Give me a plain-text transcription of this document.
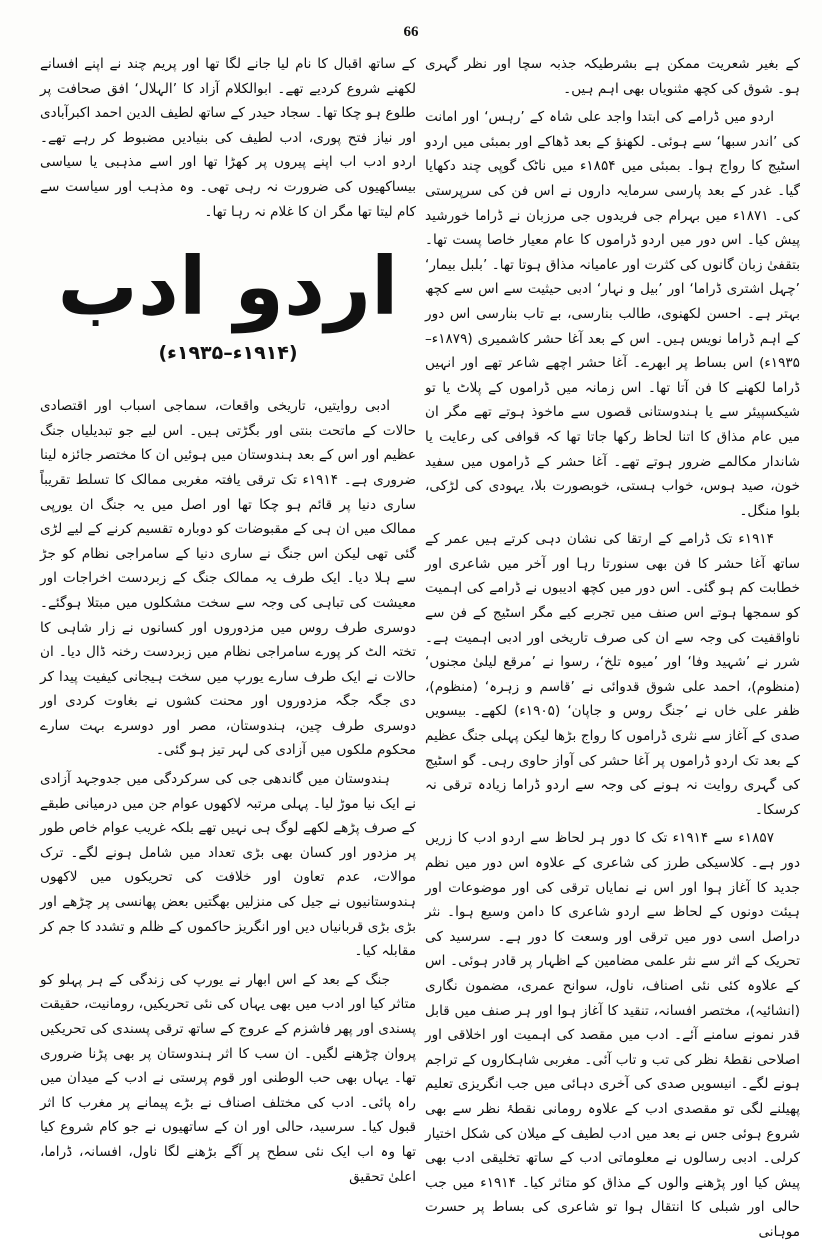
66

کے بغیر شعریت ممکن ہے بشرطیکہ جذبہ سچا اور نظر گہری ہو۔ شوق کی کچھ مثنویاں بھی اہم ہیں۔

اردو میں ڈرامے کی ابتدا واجد علی شاہ کے ’رہس‘ اور امانت کی ’اندر سبھا‘ سے ہوئی۔ لکھنؤ کے بعد ڈھاکے اور بمبئی میں اردو اسٹیج کا رواج ہوا۔ بمبئی میں ۱۸۵۴ء میں ناٹک گوپی چند دکھایا گیا۔ غدر کے بعد پارسی سرمایہ داروں نے اس فن کی سرپرستی کی۔ ۱۸۷۱ء میں بہرام جی فریدوں جی مرزبان نے ڈراما خورشید پیش کیا۔ اس دور میں اردو ڈراموں کا عام معیار خاصا پست تھا۔ بتقفیٰ زبان گانوں کی کثرت اور عامیانہ مذاق ہوتا تھا۔ ’بلبل بیمار‘ ’چہل اشتری ڈراما‘ اور ’بیل و نہار‘ ادبی حیثیت سے اس سے کچھ بہتر ہے۔ احسن لکھنوی، طالب بنارسی، بے تاب بنارسی اس دور کے اہم ڈراما نویس ہیں۔ اس کے بعد آغا حشر کاشمیری (۱۸۷۹ء–۱۹۳۵ء) اس بساط پر ابھرے۔ آغا حشر اچھے شاعر تھے اور انہیں ڈراما لکھنے کا فن آتا تھا۔ اس زمانہ میں ڈراموں کے پلاٹ یا تو شیکسپیئر سے یا ہندوستانی قصوں سے ماخوذ ہوتے تھے مگر ان میں عام مذاق کا اتنا لحاظ رکھا جاتا تھا کہ قوافی کی رعایت یا شاندار مکالمے ضرور ہوتے تھے۔ آغا حشر کے ڈراموں میں سفید خون، صید ہوس، خواب ہستی، خوبصورت بلا، یہودی کی لڑکی، بلوا منگل۔

۱۹۱۴ء تک ڈرامے کے ارتقا کی نشان دہی کرتے ہیں عمر کے ساتھ آغا حشر کا فن بھی سنورتا رہا اور آخر میں شاعری اور خطابت کم ہو گئی۔ اس دور میں کچھ ادیبوں نے ڈرامے کی اہمیت کو سمجھا ہوتے اس صنف میں تجربے کیے مگر اسٹیج کے فن سے ناواقفیت کی وجہ سے ان کی صرف تاریخی اور ادبی اہمیت ہے۔ شرر نے ’شہید وفا‘ اور ’میوہ تلخ‘، رسوا نے ’مرقع لیلیٰ مجنوں‘ (منظوم)، احمد علی شوق قدوائی نے ’قاسم و زہرہ‘ (منظوم)، ظفر علی خاں نے ’جنگ روس و جاپان‘ (۱۹۰۵ء) لکھے۔ بیسویں صدی کے آغاز سے نثری ڈراموں کا رواج بڑھا لیکن پہلی جنگ عظیم کے بعد تک اردو ڈراموں پر آغا حشر کی آواز حاوی رہی۔ گو اسٹیج کی گہری روایت نہ ہونے کی وجہ سے اردو ڈراما زیادہ ترقی نہ کرسکا۔

۱۸۵۷ء سے ۱۹۱۴ء تک کا دور ہر لحاظ سے اردو ادب کا زریں دور ہے۔ کلاسیکی طرز کی شاعری کے علاوہ اس دور میں نظم جدید کا آغاز ہوا اور اس نے نمایاں ترقی کی اور موضوعات اور ہیئت دونوں کے لحاظ سے اردو شاعری کا دامن وسیع ہوا۔ نثر دراصل اسی دور میں ترقی اور وسعت کا دور ہے۔ سرسید کی تحریک کے اثر سے نثر علمی مضامین کے اظہار پر قادر ہوئی۔ اس کے علاوہ کئی نئی اصناف، ناول، سوانح عمری، مضمون نگاری (انشائیہ)، مختصر افسانہ، تنقید کا آغاز ہوا اور ہر صنف میں قابل قدر نمونے سامنے آئے۔ ادب میں مقصد کی اہمیت اور اخلاقی اور اصلاحی نقطۂ نظر کی تب و تاب آئی۔ مغربی شاہکاروں کے تراجم ہونے لگے۔ انیسویں صدی کی آخری دہائی میں جب انگریزی تعلیم پھیلنے لگی تو مقصدی ادب کے علاوہ رومانی نقطۂ نظر سے بھی شروع ہوئی جس نے بعد میں ادب لطیف کے میلان کی شکل اختیار کرلی۔ ادبی رسالوں نے معلوماتی ادب کے ساتھ تخلیقی ادب بھی پیش کیا اور پڑھنے والوں کے مذاق کو متاثر کیا۔ ۱۹۱۴ء میں جب حالی اور شبلی کا انتقال ہوا تو شاعری کی بساط پر حسرت موہانی

کے ساتھ اقبال کا نام لیا جانے لگا تھا اور پریم چند نے اپنے افسانے لکھنے شروع کردیے تھے۔ ابوالکلام آزاد کا ’الہلال‘ افق صحافت پر طلوع ہو چکا تھا۔ سجاد حیدر کے ساتھ لطیف الدین احمد اکبرآبادی اور نیاز فتح پوری، ادب لطیف کی بنیادیں مضبوط کر رہے تھے۔ اردو ادب اب اپنے پیروں پر کھڑا تھا اور اسے مذہبی یا سیاسی بیساکھیوں کی ضرورت نہ رہی تھی۔ وہ مذہب اور سیاست سے کام لیتا تھا مگر ان کا غلام نہ رہا تھا۔

اردو ادب
(۱۹۱۴ء–۱۹۳۵ء)

ادبی روایتیں، تاریخی واقعات، سماجی اسباب اور اقتصادی حالات کے ماتحت بنتی اور بگڑتی ہیں۔ اس لیے جو تبدیلیاں جنگ عظیم اور اس کے بعد ہندوستان میں ہوئیں ان کا مختصر جائزہ لینا ضروری ہے۔ ۱۹۱۴ء تک ترقی یافتہ مغربی ممالک کا تسلط تقریباً ساری دنیا پر قائم ہو چکا تھا اور اصل میں یہ جنگ ان یورپی ممالک میں ان ہی کے مقبوضات کو دوبارہ تقسیم کرنے کے لیے لڑی گئی تھی لیکن اس جنگ نے ساری دنیا کے سامراجی نظام کو جڑ سے ہلا دیا۔ ایک طرف یہ ممالک جنگ کے زبردست اخراجات اور معیشت کی تباہی کی وجہ سے سخت مشکلوں میں مبتلا ہوگئے۔ دوسری طرف روس میں مزدوروں اور کسانوں نے زار شاہی کا تختہ الٹ کر پورے سامراجی نظام میں زبردست رخنہ ڈال دیا۔ ان حالات نے ایک طرف سارے یورپ میں سخت ہیجانی کیفیت پیدا کر دی جگہ جگہ مزدوروں اور محنت کشوں نے بغاوت کردی اور دوسری طرف چین، ہندوستان، مصر اور دوسرے بہت سارے محکوم ملکوں میں آزادی کی لہر تیز ہو گئی۔

ہندوستان میں گاندھی جی کی سرکردگی میں جدوجہد آزادی نے ایک نیا موڑ لیا۔ پہلی مرتبہ لاکھوں عوام جن میں درمیانی طبقے کے صرف پڑھے لکھے لوگ ہی نہیں تھے بلکہ غریب عوام خاص طور پر مزدور اور کسان بھی بڑی تعداد میں شامل ہونے لگے۔ ترک موالات، عدم تعاون اور خلافت کی تحریکوں میں لاکھوں ہندوستانیوں نے جیل کی منزلیں بھگتیں بعض پھانسی پر چڑھے اور بڑی بڑی قربانیاں دیں اور انگریز حاکموں کے ظلم و تشدد کا جم کر مقابلہ کیا۔

جنگ کے بعد کے اس ابھار نے یورپ کی زندگی کے ہر پہلو کو متاثر کیا اور ادب میں بھی یہاں کی نئی تحریکیں، رومانیت، حقیقت پسندی اور پھر فاشزم کے عروج کے ساتھ ترقی پسندی کی تحریکیں پروان چڑھنے لگیں۔ ان سب کا اثر ہندوستان پر بھی پڑنا ضروری تھا۔ یہاں بھی حب الوطنی اور قوم پرستی نے ادب کے میدان میں راہ پائی۔ ادب کی مختلف اصناف نے بڑے پیمانے پر مغرب کا اثر قبول کیا۔ سرسید، حالی اور ان کے ساتھیوں نے جو کام شروع کیا تھا وہ اب ایک نئی سطح پر آگے بڑھنے لگا ناول، افسانہ، ڈراما، اعلیٰ تحقیق
